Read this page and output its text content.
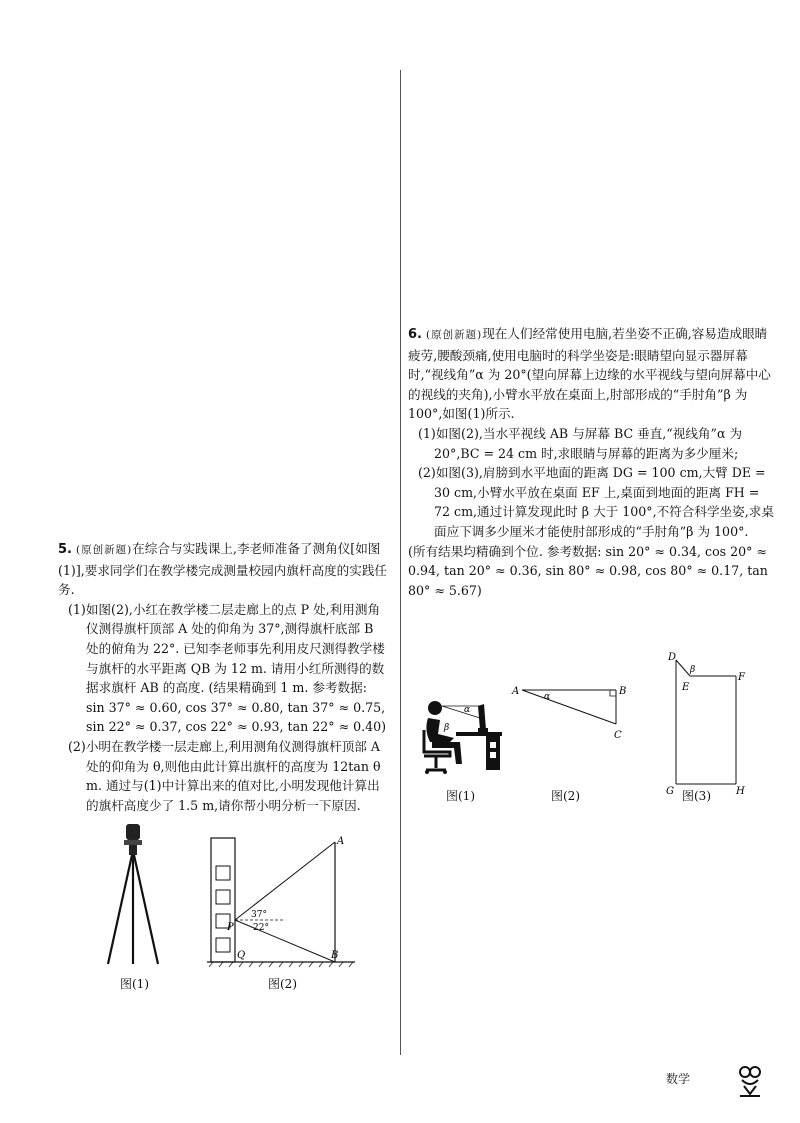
6. (原创新题)现在人们经常使用电脑,若坐姿不正确,容易造成眼睛疲劳,腰酸颈痛,使用电脑时的科学坐姿是:眼睛望向显示器屏幕时,“视线角”α 为 20°(望向屏幕上边缘的水平视线与望向屏幕中心的视线的夹角),小臂水平放在桌面上,肘部形成的“手肘角”β 为 100°,如图(1)所示.

(1)如图(2),当水平视线 AB 与屏幕 BC 垂直,“视线角”α 为 20°,BC = 24 cm 时,求眼睛与屏幕的距离为多少厘米;

(2)如图(3),肩膀到水平地面的距离 DG = 100 cm,大臂 DE = 30 cm,小臂水平放在桌面 EF 上,桌面到地面的距离 FH = 72 cm,通过计算发现此时 β 大于 100°,不符合科学坐姿,求桌面应下调多少厘米才能使肘部形成的“手肘角”β 为 100°.

(所有结果均精确到个位. 参考数据: sin 20° ≈ 0.34, cos 20° ≈ 0.94, tan 20° ≈ 0.36, sin 80° ≈ 0.98, cos 80° ≈ 0.17, tan 80° ≈ 5.67)

α
β
图(1)
A	B
C
α
图(2)
D
E
F
G	H
β
图(3)

5. (原创新题)在综合与实践课上,李老师准备了测角仪[如图(1)],要求同学们在教学楼完成测量校园内旗杆高度的实践任务.

(1)如图(2),小红在教学楼二层走廊上的点 P 处,利用测角仪测得旗杆顶部 A 处的仰角为 37°,测得旗杆底部 B 处的俯角为 22°. 已知李老师事先利用皮尺测得教学楼与旗杆的水平距离 QB 为 12 m. 请用小红所测得的数据求旗杆 AB 的高度. (结果精确到 1 m. 参考数据: sin 37° ≈ 0.60, cos 37° ≈ 0.80, tan 37° ≈ 0.75, sin 22° ≈ 0.37, cos 22° ≈ 0.93, tan 22° ≈ 0.40)

(2)小明在教学楼一层走廊上,利用测角仪测得旗杆顶部 A 处的仰角为 θ,则他由此计算出旗杆的高度为 12tan θ m. 通过与(1)中计算出来的值对比,小明发现他计算出的旗杆高度少了 1.5 m,请你帮小明分析一下原因.

图(1)
A
B
P
Q
37°
22°
图(2)
数学
